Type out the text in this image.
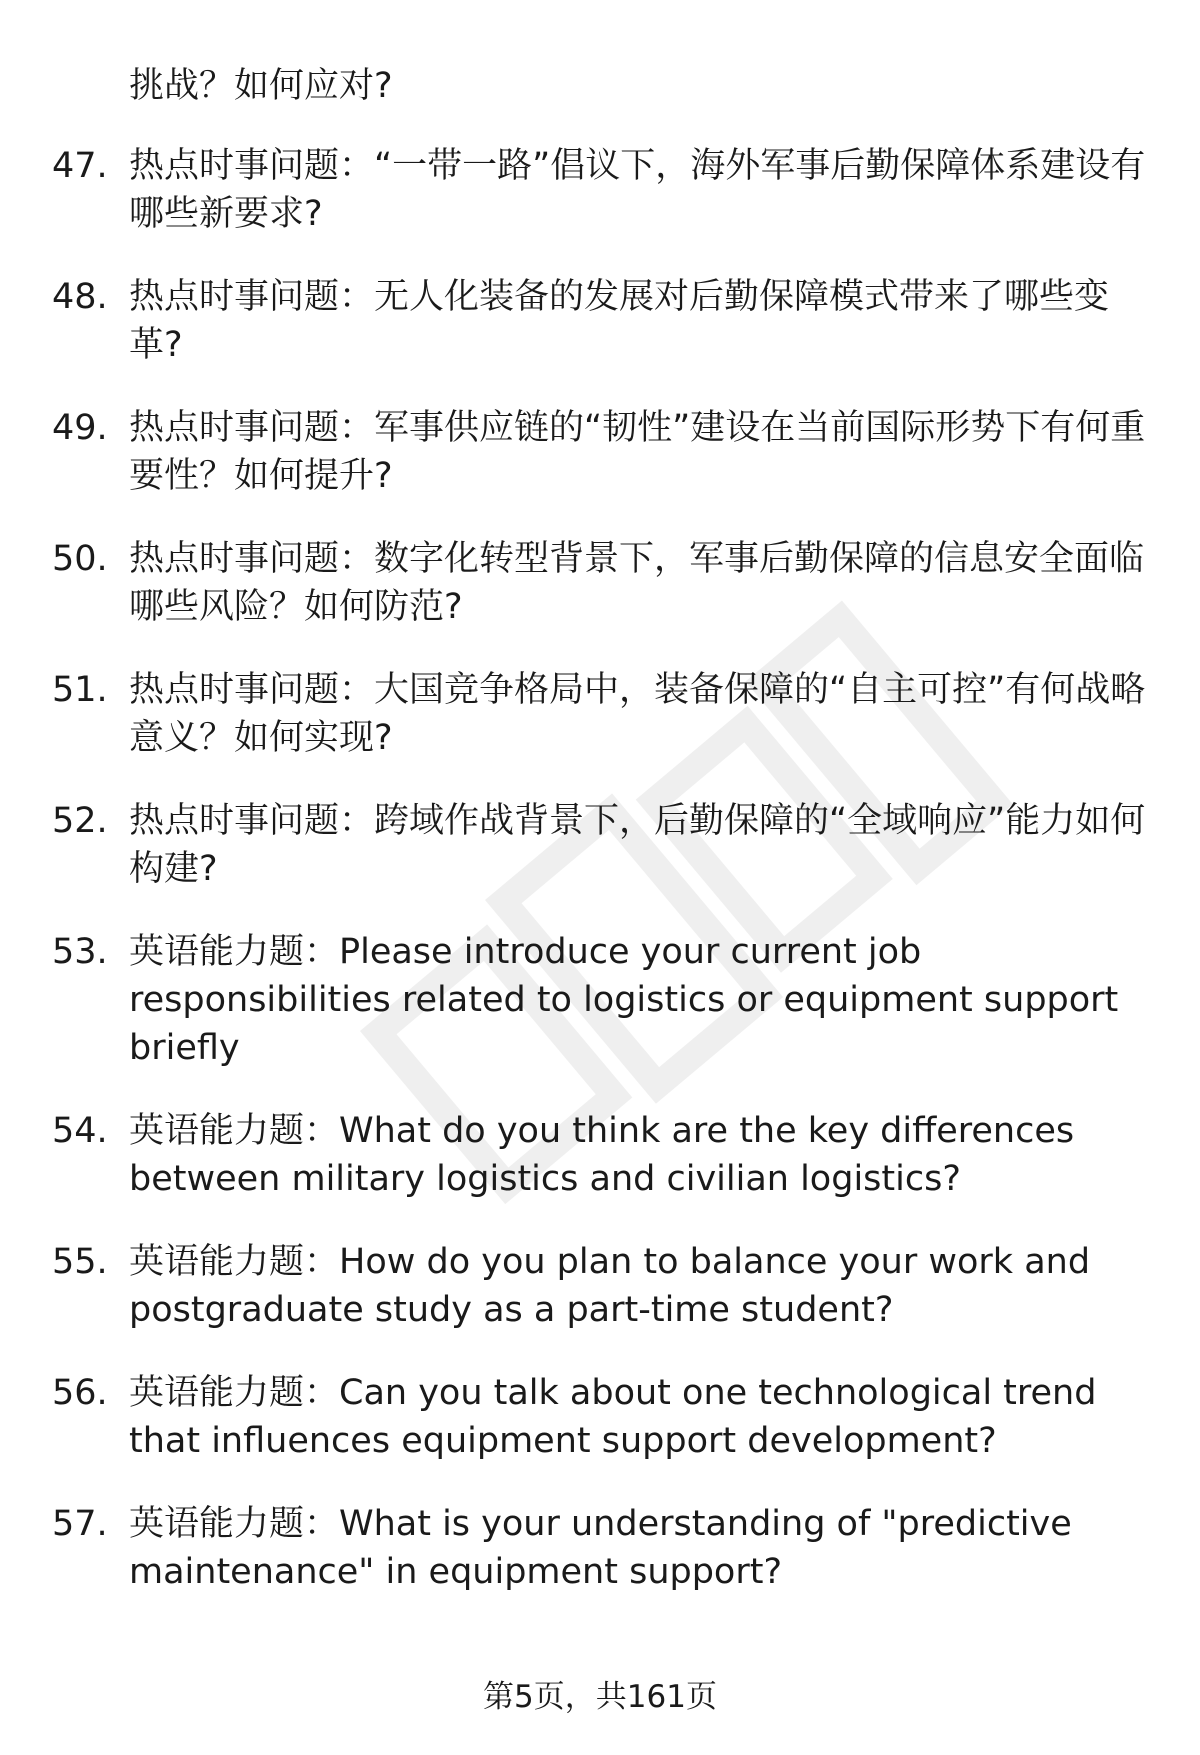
挑战？如何应对?
47. 热点时事问题：“一带一路”倡议下，海外军事后勤保障体系建设有哪些新要求?
48. 热点时事问题：无人化装备的发展对后勤保障模式带来了哪些变革?
49. 热点时事问题：军事供应链的“韧性”建设在当前国际形势下有何重要性？如何提升?
50. 热点时事问题：数字化转型背景下，军事后勤保障的信息安全面临哪些风险？如何防范?
51. 热点时事问题：大国竞争格局中，装备保障的“自主可控”有何战略意义？如何实现?
52. 热点时事问题：跨域作战背景下，后勤保障的“全域响应”能力如何构建?
53. 英语能力题：Please introduce your current job responsibilities related to logistics or equipment support briefly
54. 英语能力题：What do you think are the key differences between military logistics and civilian logistics?
55. 英语能力题：How do you plan to balance your work and postgraduate study as a part-time student?
56. 英语能力题：Can you talk about one technological trend that influences equipment support development?
57. 英语能力题：What is your understanding of "predictive maintenance" in equipment support?
第5页，共161页
